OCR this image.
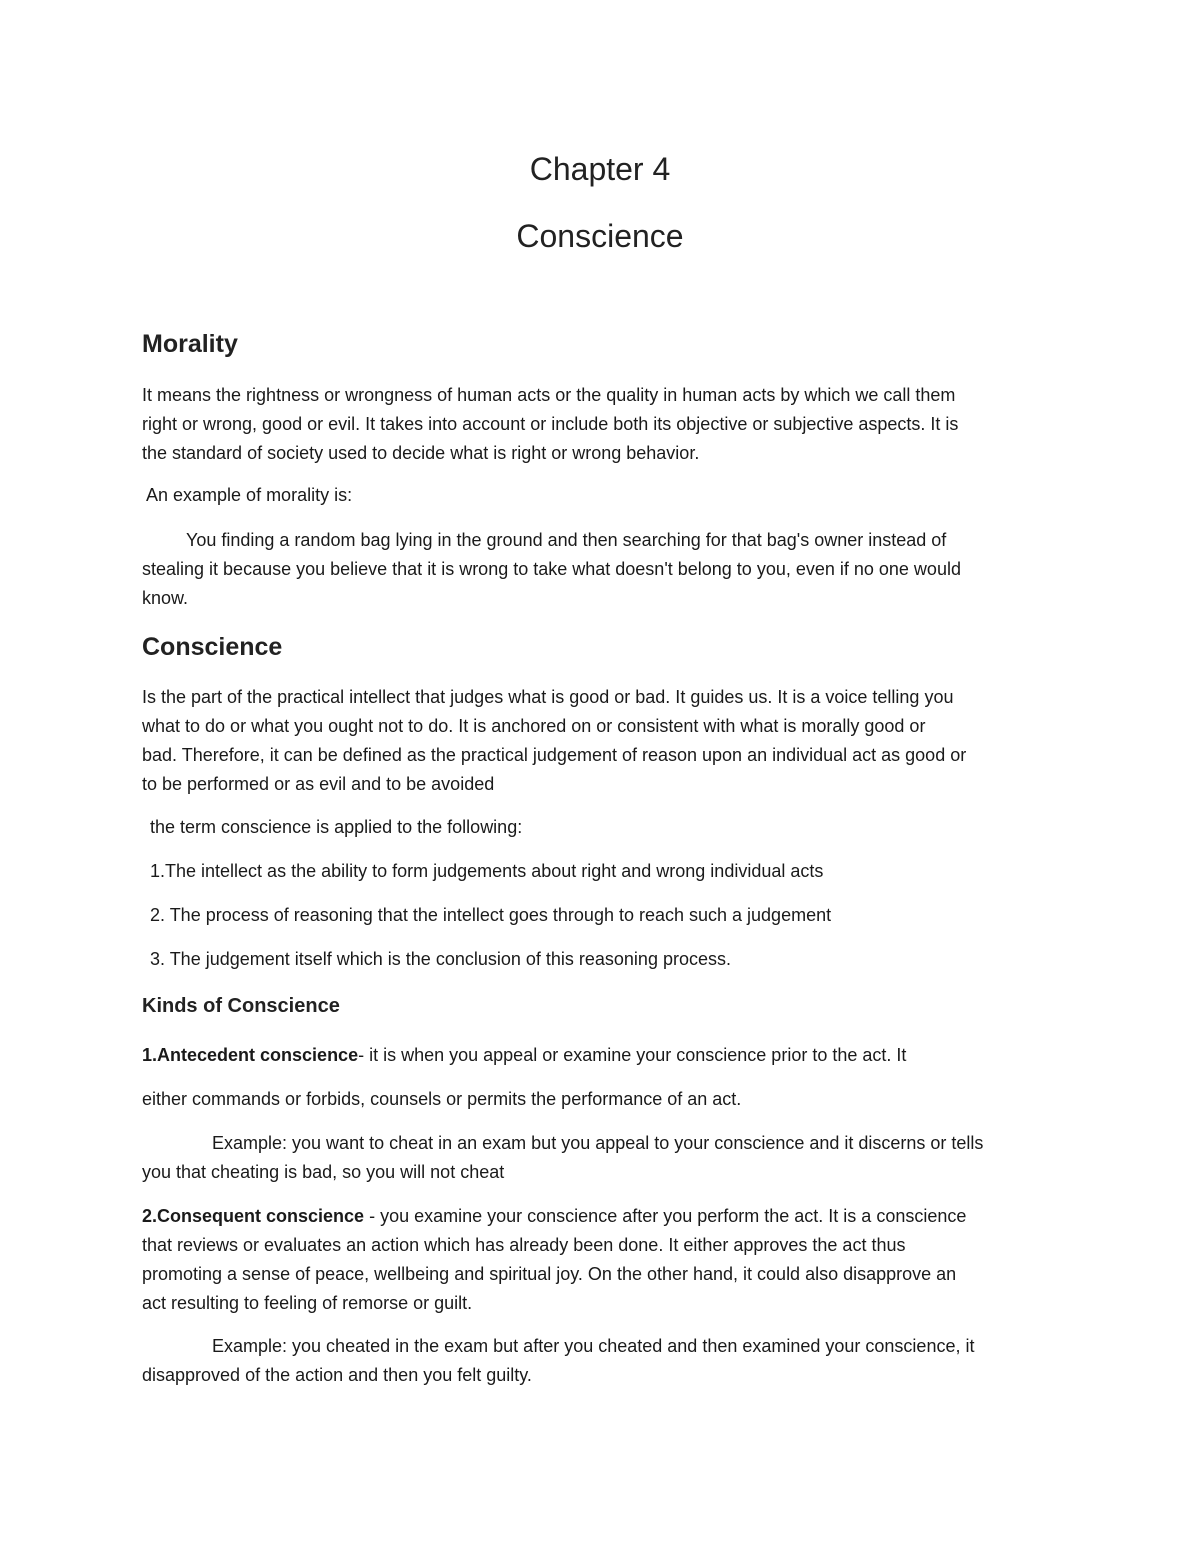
Chapter 4

Conscience

Morality

It means the rightness or wrongness of human acts or the quality in human acts by which we call them

right or wrong, good or evil. It takes into account or include both its objective or subjective aspects. It is

the standard of society used to decide what is right or wrong behavior.

An example of morality is:

You finding a random bag lying in the ground and then searching for that bag's owner instead of

stealing it because you believe that it is wrong to take what doesn't belong to you, even if no one would

know.

Conscience

Is the part of the practical intellect that judges what is good or bad. It guides us. It is a voice telling you

what to do or what you ought not to do. It is anchored on or consistent with what is morally good or

bad. Therefore, it can be defined as the practical judgement of reason upon an individual act as good or

to be performed or as evil and to be avoided

the term conscience is applied to the following:

1.The intellect as the ability to form judgements about right and wrong individual acts

2. The process of reasoning that the intellect goes through to reach such a judgement

3. The judgement itself which is the conclusion of this reasoning process.

Kinds of Conscience

1.Antecedent conscience- it is when you appeal or examine your conscience prior to the act. It

either commands or forbids, counsels or permits the performance of an act.

Example: you want to cheat in an exam but you appeal to your conscience and it discerns or tells

you that cheating is bad, so you will not cheat

2.Consequent conscience - you examine your conscience after you perform the act. It is a conscience

that reviews or evaluates an action which has already been done. It either approves the act thus

promoting a sense of peace, wellbeing and spiritual joy. On the other hand, it could also disapprove an

act resulting to feeling of remorse or guilt.

Example: you cheated in the exam but after you cheated and then examined your conscience, it

disapproved of the action and then you felt guilty.
